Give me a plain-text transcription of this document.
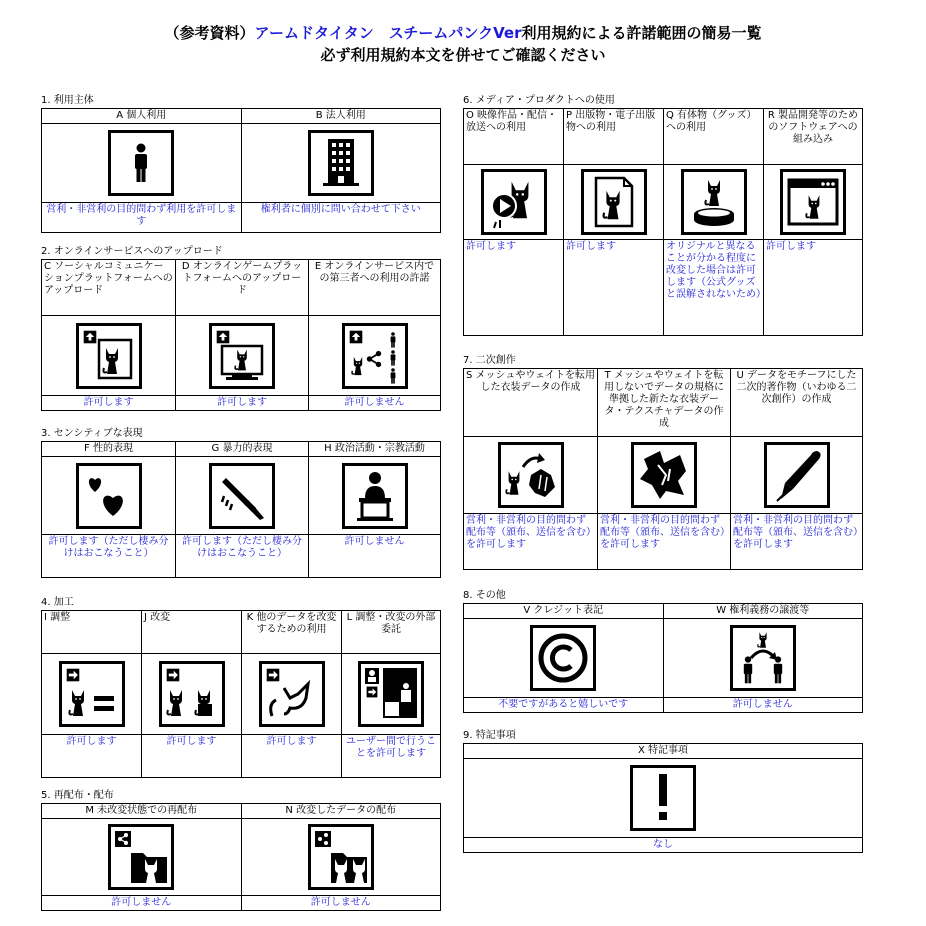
（参考資料）アームドタイタン　スチームパンクVer利用規約による許諾範囲の簡易一覧
必ず利用規約本文を併せてご確認ください
1. 利用主体
A 個人利用	B 法人利用

営利・非営利の目的問わず利用を許可します	権利者に個別に問い合わせて下さい
2. オンラインサービスへのアップロード
C ソーシャルコミュニケーションプラットフォームへのアップロード	D オンラインゲームプラットフォームへのアップロード	E オンラインサービス内での第三者への利用の許諾

許可します	許可します	許可しません
3. センシティブな表現
F 性的表現	G 暴力的表現	H 政治活動・宗教活動

許可します（ただし棲み分けはおこなうこと）	許可します（ただし棲み分けはおこなうこと）	許可しません
4. 加工
I 調整	J 改変	K 他のデータを改変するための利用	L 調整・改変の外部委託

許可します	許可します	許可します	ユーザー間で行うことを許可します
5. 再配布・配布
M 未改変状態での再配布	N 改変したデータの配布

許可しません	許可しません
6. メディア・プロダクトへの使用
O 映像作品・配信・放送への利用	P 出版物・電子出版物への利用	Q 有体物（グッズ）への利用	R 製品開発等のためのソフトウェアへの組み込み

許可します	許可します	オリジナルと異なることが分かる程度に改変した場合は許可します（公式グッズと誤解されないため）	許可します
7. 二次創作
S メッシュやウェイトを転用した衣装データの作成	T メッシュやウェイトを転用しないでデータの規格に準拠した新たな衣装データ・テクスチャデータの作成	U データをモチーフにした二次的著作物（いわゆる二次創作）の作成

営利・非営利の目的問わず配布等（頒布、送信を含む）を許可します	営利・非営利の目的問わず配布等（頒布、送信を含む）を許可します	営利・非営利の目的問わず配布等（頒布、送信を含む）を許可します
8. その他
V クレジット表記	W 権利義務の譲渡等

不要ですがあると嬉しいです	許可しません
9. 特記事項
X 特記事項

なし
